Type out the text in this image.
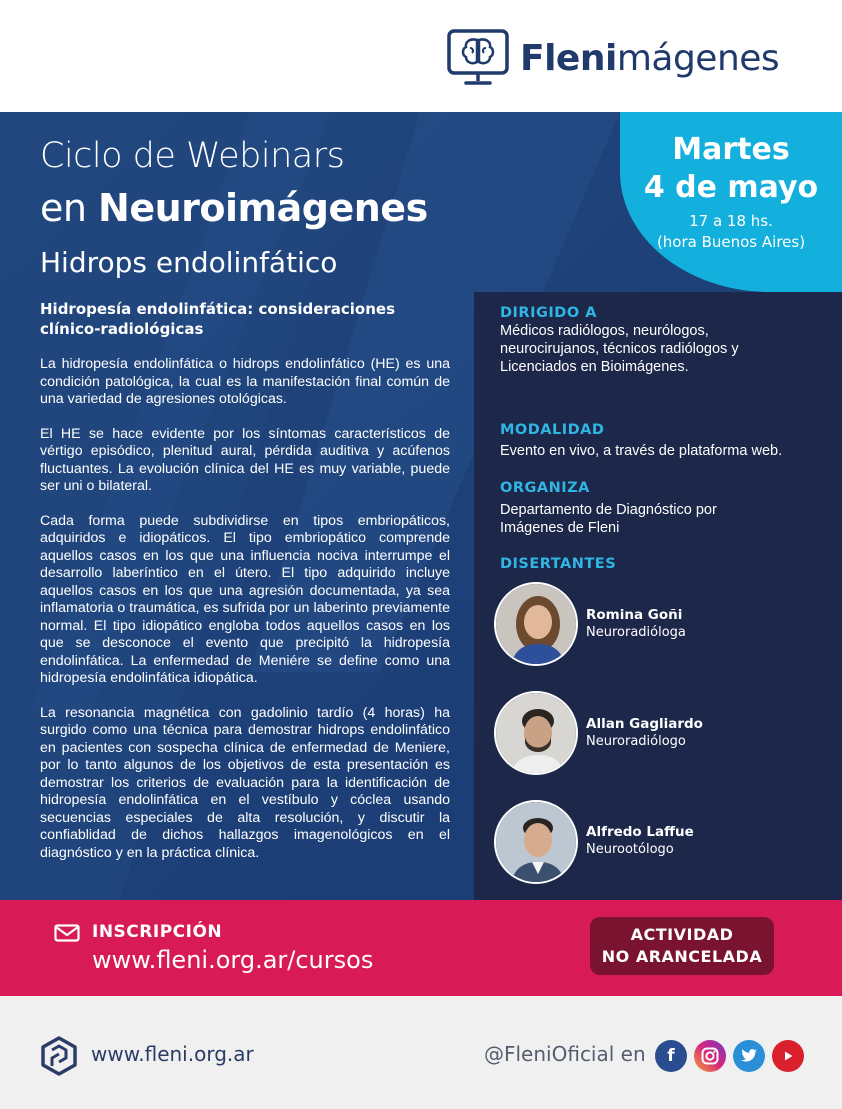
Flenimágenes
Ciclo de Webinars
en Neuroimágenes
Hidrops endolinfático
Hidropesía endolinfática: consideraciones clínico-radiológicas

La hidropesía endolinfática o hidrops endolinfático (HE) es una condición patológica, la cual es la manifestación final común de una variedad de agresiones otológicas.

El HE se hace evidente por los síntomas característicos de vértigo episódico, plenitud aural, pérdida auditiva y acúfenos fluctuantes. La evolución clínica del HE es muy variable, puede ser uni o bilateral.

Cada forma puede subdividirse en tipos embriopáticos, adquiridos e idiopáticos. El tipo embriopático comprende aquellos casos en los que una influencia nociva interrumpe el desarrollo laberíntico en el útero. El tipo adquirido incluye aquellos casos en los que una agresión documentada, ya sea inflamatoria o traumática, es sufrida por un laberinto previamente normal. El tipo idiopático engloba todos aquellos casos en los que se desconoce el evento que precipitó la hidropesía endolinfática. La enfermedad de Meniére se define como una hidropesía endolinfática idiopática.

La resonancia magnética con gadolinio tardío (4 horas) ha surgido como una técnica para demostrar hidrops endolinfático en pacientes con sospecha clínica de enfermedad de Meniere, por lo tanto algunos de los objetivos de esta presentación es demostrar los criterios de evaluación para la identificación de hidropesía endolinfática en el vestíbulo y cóclea usando secuencias especiales de alta resolución, y discutir la confiablidad de dichos hallazgos imagenológicos en el diagnóstico y en la práctica clínica.

Martes
4 de mayo
17 a 18 hs.
(hora Buenos Aires)
DIRIGIDO A
Médicos radiólogos, neurólogos,
neurocirujanos, técnicos radiólogos y
Licenciados en Bioimágenes.
MODALIDAD
Evento en vivo, a través de plataforma web.
ORGANIZA
Departamento de Diagnóstico por
Imágenes de Fleni
DISERTANTES
Romina Goñi
Neuroradióloga
Allan Gagliardo
Neuroradiólogo
Alfredo Laffue
Neurootólogo
INSCRIPCIÓN
www.fleni.org.ar/cursos
ACTIVIDAD
NO ARANCELADA
www.fleni.org.ar	@FleniOficial en	f
